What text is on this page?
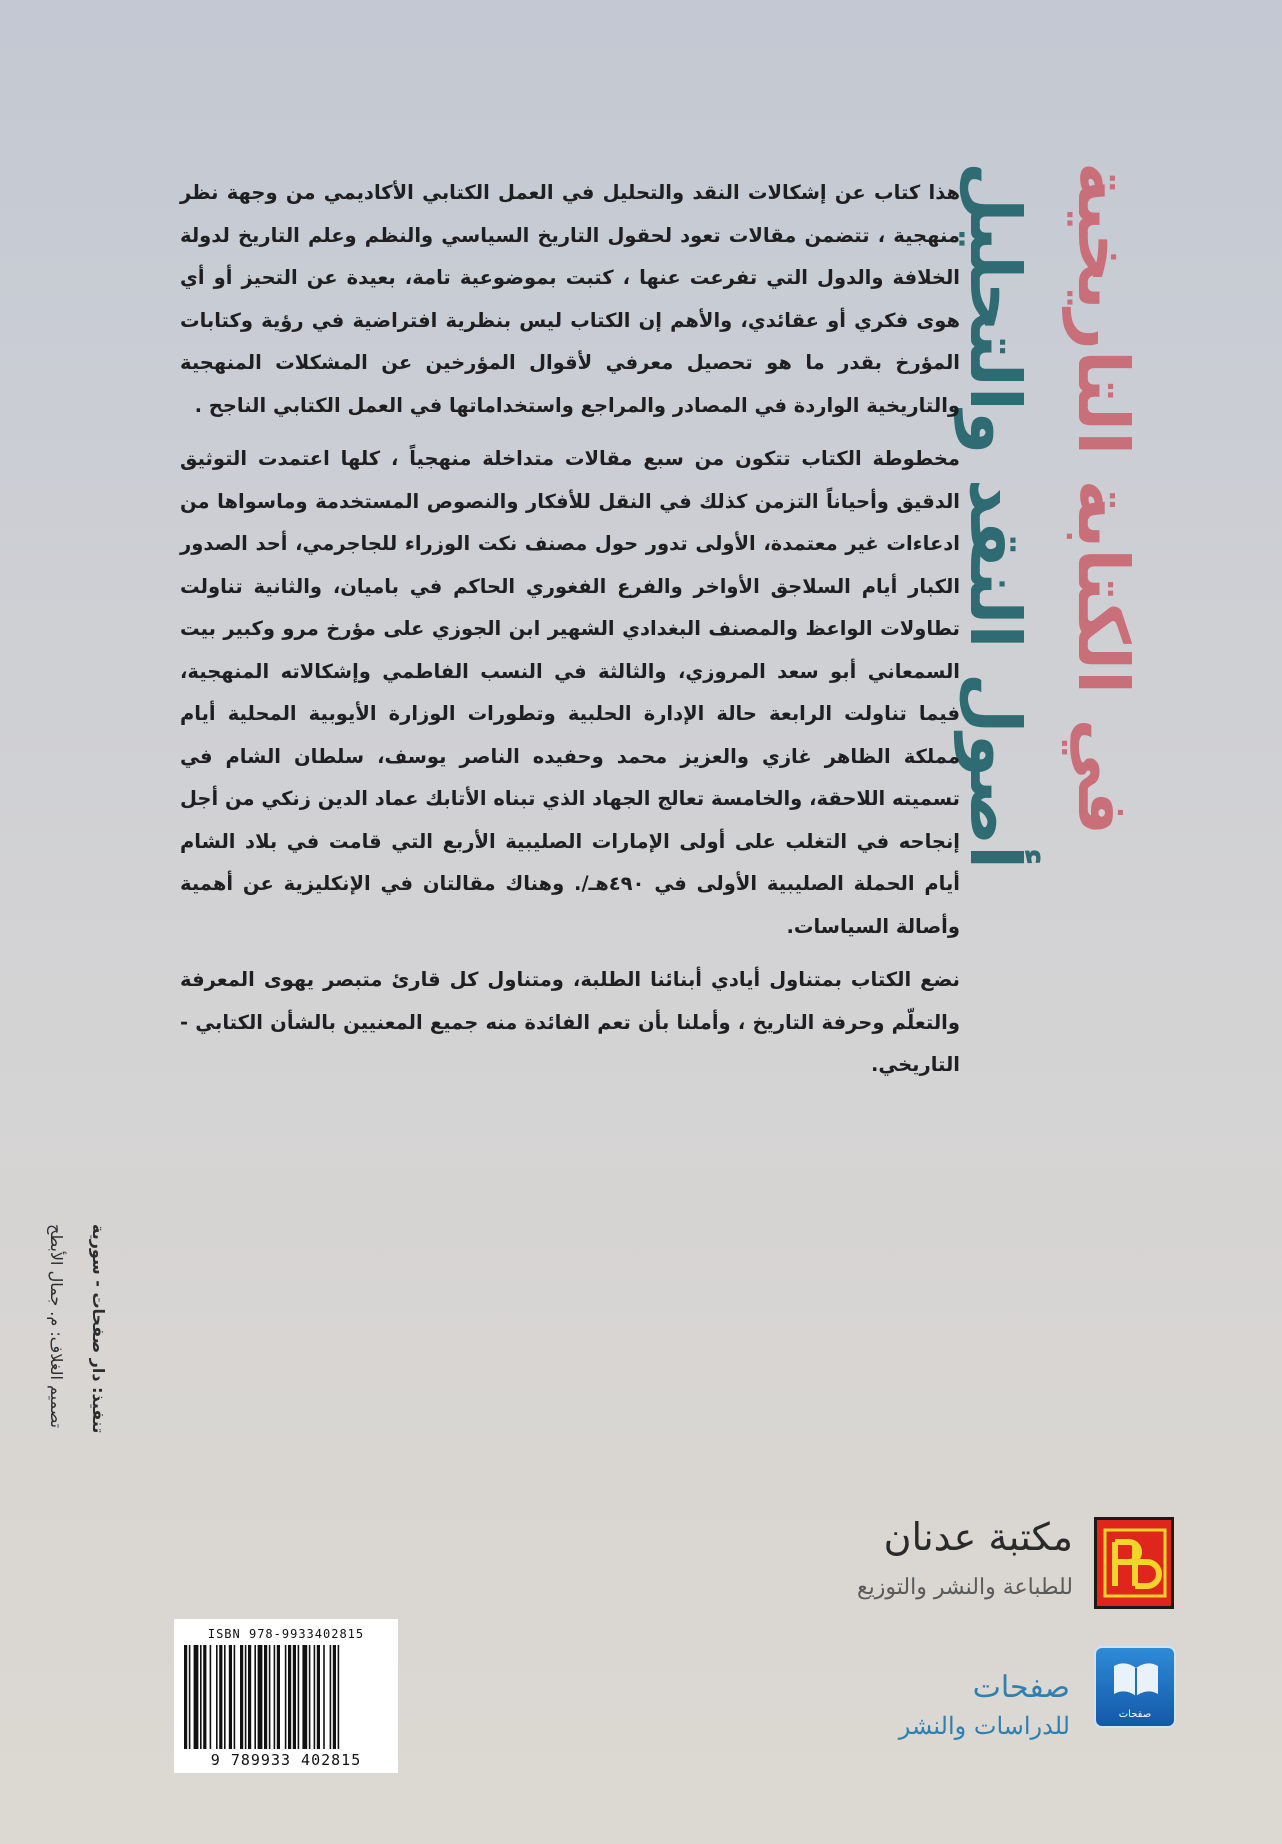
أصول النقد والتحليل في الكتابة التاريخية

هذا كتاب عن إشكالات النقد والتحليل في العمل الكتابي الأكاديمي من وجهة نظر منهجية ، تتضمن مقالات تعود لحقول التاريخ السياسي والنظم وعلم التاريخ لدولة الخلافة والدول التي تفرعت عنها ، كتبت بموضوعية تامة، بعيدة عن التحيز أو أي هوى فكري أو عقائدي، والأهم إن الكتاب ليس بنظرية افتراضية في رؤية وكتابات المؤرخ بقدر ما هو تحصيل معرفي لأقوال المؤرخين عن المشكلات المنهجية والتاريخية الواردة في المصادر والمراجع واستخداماتها في العمل الكتابي الناجح .

مخطوطة الكتاب تتكون من سبع مقالات متداخلة منهجياً ، كلها اعتمدت التوثيق الدقيق وأحياناً التزمن كذلك في النقل للأفكار والنصوص المستخدمة وماسواها من ادعاءات غير معتمدة، الأولى تدور حول مصنف نكت الوزراء للجاجرمي، أحد الصدور الكبار أيام السلاجق الأواخر والفرع الفغوري الحاكم في باميان، والثانية تناولت تطاولات الواعظ والمصنف البغدادي الشهير ابن الجوزي على مؤرخ مرو وكبير بيت السمعاني أبو سعد المروزي، والثالثة في النسب الفاطمي وإشكالاته المنهجية، فيما تناولت الرابعة حالة الإدارة الحلبية وتطورات الوزارة الأيوبية المحلية أيام مملكة الظاهر غازي والعزيز محمد وحفيده الناصر يوسف، سلطان الشام في تسميته اللاحقة، والخامسة تعالج الجهاد الذي تبناه الأتابك عماد الدين زنكي من أجل إنجاحه في التغلب على أولى الإمارات الصليبية الأربع التي قامت في بلاد الشام أيام الحملة الصليبية الأولى في ٤٩٠هـ/. وهناك مقالتان في الإنكليزية عن أهمية وأصالة السياسات.

نضع الكتاب بمتناول أيادي أبنائنا الطلبة، ومتناول كل قارئ متبصر يهوى المعرفة والتعلّم وحرفة التاريخ ، وأملنا بأن تعم الفائدة منه جميع المعنيين بالشأن الكتابي - التاريخي.

تصميم الغلاف: م. جمال الأبطح تنفيذ: دار صفحات - سورية
ISBN 978-9933402815
9 789933 402815
مكتبة عدنان
للطباعة والنشر والتوزيع
صفحات
صفحات
للدراسات والنشر
